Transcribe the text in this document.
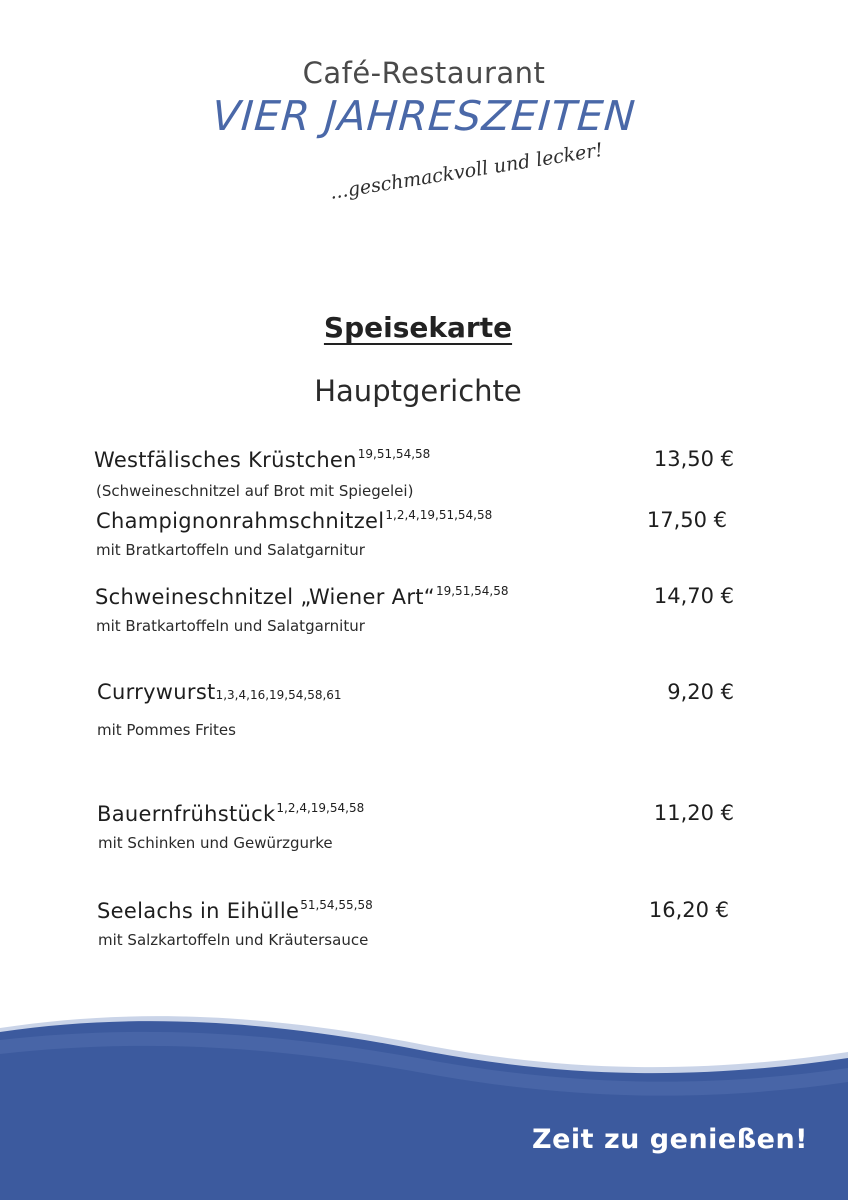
Café-Restaurant
VIER JAHRESZEITEN
...geschmackvoll und lecker!
Speisekarte
Hauptgerichte
Westfälisches Krüstchen$^{19,51,54,58}$
(Schweineschnitzel auf Brot mit Spiegelei)
13,50 €
Champignonrahmschnitzel$^{1,2,4,19,51,54,58}$
mit Bratkartoffeln und Salatgarnitur
17,50 €
Schweineschnitzel „Wiener Art“$^{19,51,54,58}$
mit Bratkartoffeln und Salatgarnitur
14,70 €
Currywurst1,3,4,16,19,54,58,61
mit Pommes Frites
9,20 €
Bauernfrühstück$^{1,2,4,19,54,58}$
mit Schinken und Gewürzgurke
11,20 €
Seelachs in Eihülle$^{51,54,55,58}$
mit Salzkartoffeln und Kräutersauce
16,20 €
Zeit zu genießen!
